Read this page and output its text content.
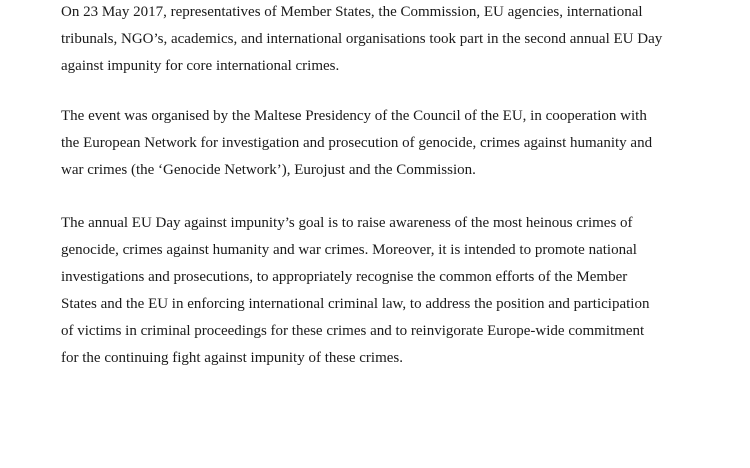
On 23 May 2017, representatives of Member States, the Commission, EU agencies, international
tribunals, NGO’s, academics, and international organisations took part in the second annual EU Day
against impunity for core international crimes.

The event was organised by the Maltese Presidency of the Council of the EU, in cooperation with
the European Network for investigation and prosecution of genocide, crimes against humanity and
war crimes (the ‘Genocide Network’), Eurojust and the Commission.

The annual EU Day against impunity’s goal is to raise awareness of the most heinous crimes of
genocide, crimes against humanity and war crimes. Moreover, it is intended to promote national
investigations and prosecutions, to appropriately recognise the common efforts of the Member
States and the EU in enforcing international criminal law, to address the position and participation
of victims in criminal proceedings for these crimes and to reinvigorate Europe-wide commitment
for the continuing fight against impunity of these crimes.
